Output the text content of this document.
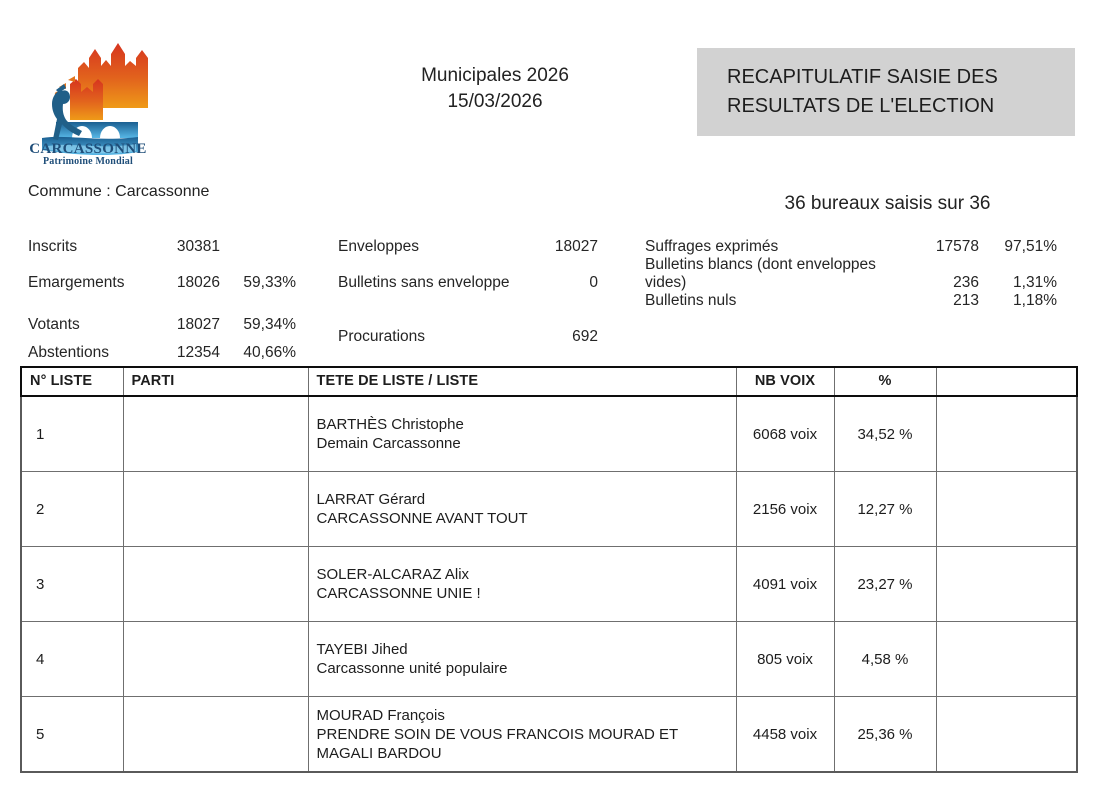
CARCASSONNE
Patrimoine Mondial
Municipales 2026
15/03/2026
RECAPITULATIF SAISIE DES RESULTATS DE L'ELECTION
Commune : Carcassonne
36 bureaux saisis sur 36
Inscrits	30381
Emargements	18026	59,33%
Votants	18027	59,34%
Abstentions	12354	40,66%
Enveloppes	18027
Bulletins sans enveloppe	0
Procurations	692
Suffrages exprimés	17578	97,51%
Bulletins blancs (dont enveloppes vides)	236	1,31%
Bulletins nuls	213	1,18%
N° LISTE	PARTI	TETE DE LISTE / LISTE	NB VOIX	%	
1		BARTHÈS Christophe
Demain Carcassonne	6068 voix	34,52 %	
2		LARRAT Gérard
CARCASSONNE AVANT TOUT	2156 voix	12,27 %	
3		SOLER-ALCARAZ Alix
CARCASSONNE UNIE !	4091 voix	23,27 %	
4		TAYEBI Jihed
Carcassonne unité populaire	805 voix	4,58 %	
5		MOURAD François
PRENDRE SOIN DE VOUS FRANCOIS MOURAD ET
MAGALI BARDOU	4458 voix	25,36 %	
